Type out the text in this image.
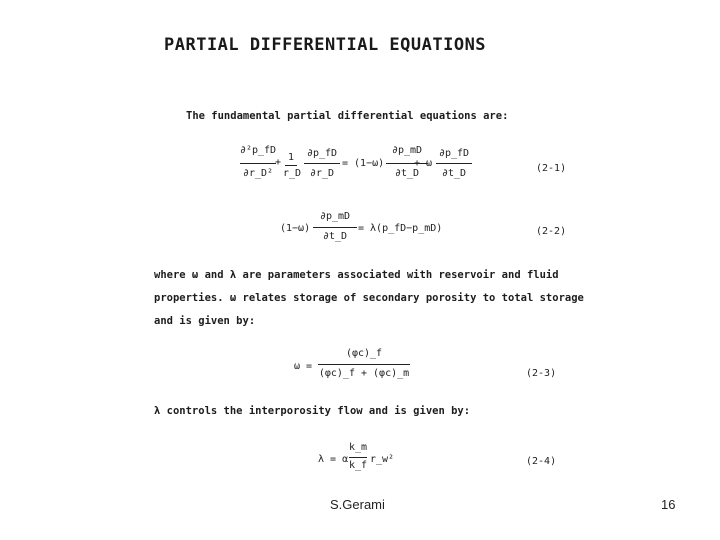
PARTIAL DIFFERENTIAL EQUATIONS
The fundamental partial differential equations are:
∂²p_fD
∂r_D²
+ 1
r_D
∂p_fD
∂r_D
= (1−ω)
∂p_mD
∂t_D
+ ω
∂p_fD
∂t_D	(2-1)
(1−ω)
∂p_mD
∂t_D
= λ(p_fD−p_mD)	(2-2)
where ω and λ are parameters associated with reservoir and fluid
properties. ω relates storage of secondary porosity to total storage
and is given by:
ω =
(φc)_f
(φc)_f + (φc)_m	(2-3)
λ controls the interporosity flow and is given by:
λ = α
k_m
k_f
r_w²	(2-4)
S.Gerami	16
